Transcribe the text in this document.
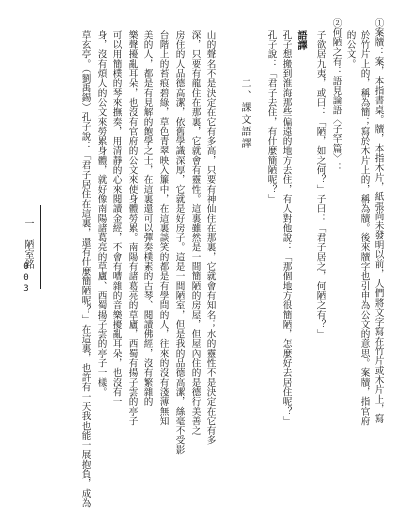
①案牘：案，本指書桌。牘，本指木片，紙張尚未發明以前，人們將文字寫在竹片或木片上，寫
於竹片上的，稱為簡；寫於木片上的，稱為牘。後來牘字也引申為公文的意思。案牘，指官府
的公文。
②何陋之有：語見論語〈子罕篇〉：
子欲居九夷，或曰：「陋，如之何？」子曰：「君子居之，何陋之有？」
語譯
孔子想搬到淮海那些偏遠的地方去住，有人對他說：「那個地方很簡陋，怎麼好去居住呢？」
孔子說：「君子去住，有什麼簡陋呢？」
二、課文語譯
山的聲名不是決定在它有多高，只要有神仙住在那裏，它就會有知名；水的靈性不是決定在它有多
深，只要有龍住在那裏，它就會有靈性。這裏雖然是一間簡陋的房屋，但屋內住的是德行美善之
房住的人品德高潔，依舊學識深厚，它就是好房子。這是一間陋室，但是我的品德高潔，絲毫不受影
台階上的苔痕碧綠，草色青翠映入簾中，在這裏談笑的都是有學問的人，往來的沒有淺薄無知
美的人，都是有見解的飽學之士，在這裏還可以彈奏樸素的古琴、閱讀佛經，沒有繁雜的
樂聲擾亂耳朵，也沒有官府的公文來使身體勞累。南陽有諸葛亮的草廬，西蜀有揚子雲的亭子
可以用簡樸的琴來撫奏，用清靜的心來閱讀金經，不會有嘈雜的音樂擾亂耳朵，也沒有一
身，沒有煩人的公文來勞累身體，就好像南陽諸葛亮的草廬、西蜀揚子雲的亭子一樣。
草玄亭。（劉禹錫）孔子說：「君子居住在這裏，還有什麼簡陋呢？」在這裏，也許有一天我也能一展抱負，成為
一 陋室銘
003
